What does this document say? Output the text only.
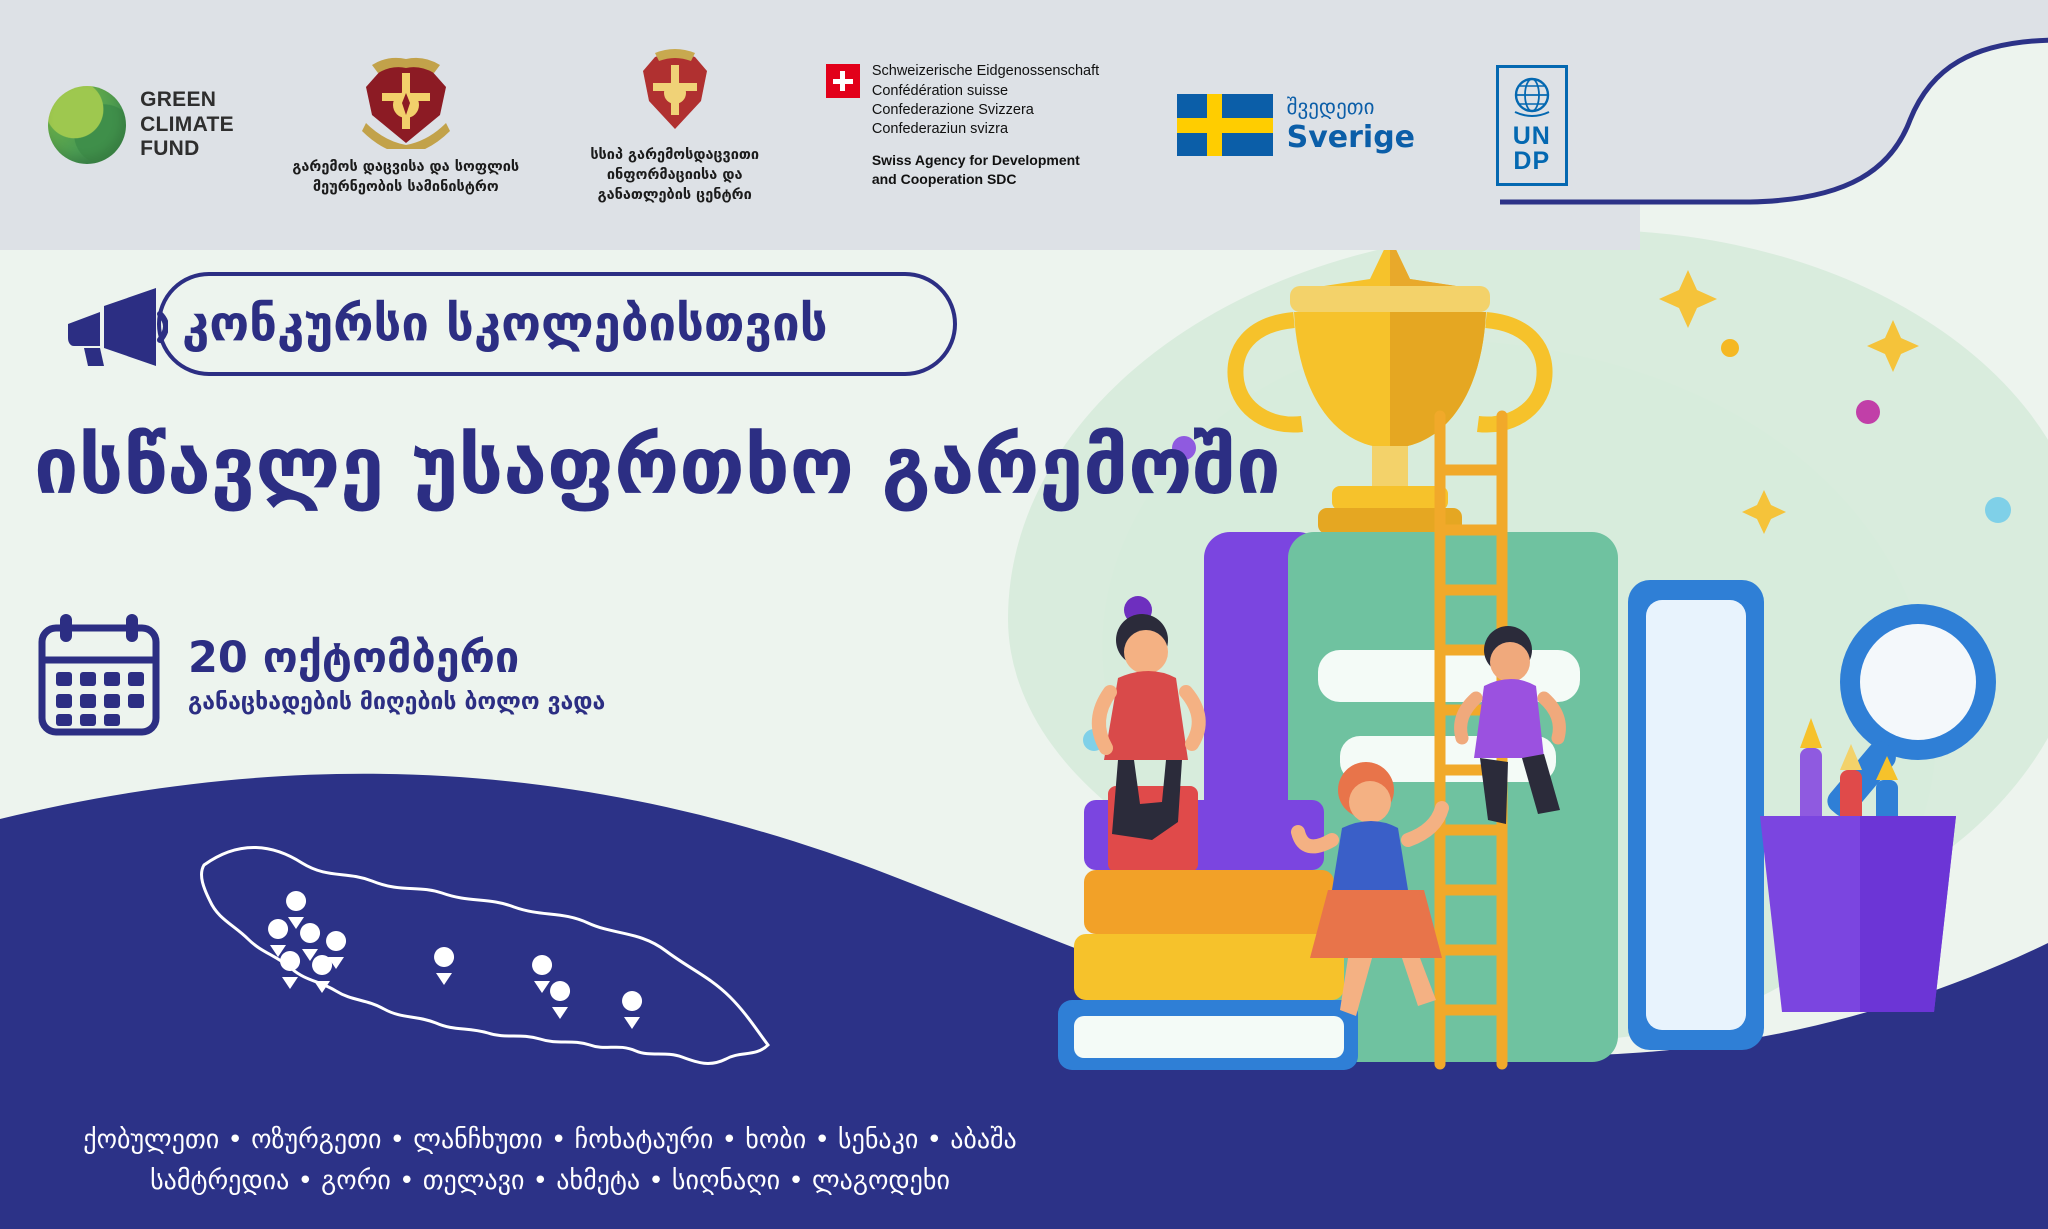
GREEN
CLIMATE
FUND
გარემოს დაცვისა და სოფლის მეურნეობის სამინისტრო
სსიპ გარემოსდაცვითი ინფორმაციისა და განათლების ცენტრი
Schweizerische Eidgenossenschaft
Confédération suisse
Confederazione Svizzera
Confederaziun svizra
Swiss Agency for Development
and Cooperation SDC
შვედეთი
Sverige	UN
DP
კონკურსი სკოლებისთვის
ისწავლე უსაფრთხო გარემოში
20 ოქტომბერი
განაცხადების მიღების ბოლო ვადა
ქობულეთი • ოზურგეთი • ლანჩხუთი • ჩოხატაური • ხობი • სენაკი • აბაშა
სამტრედია • გორი • თელავი • ახმეტა • სიღნაღი • ლაგოდეხი
